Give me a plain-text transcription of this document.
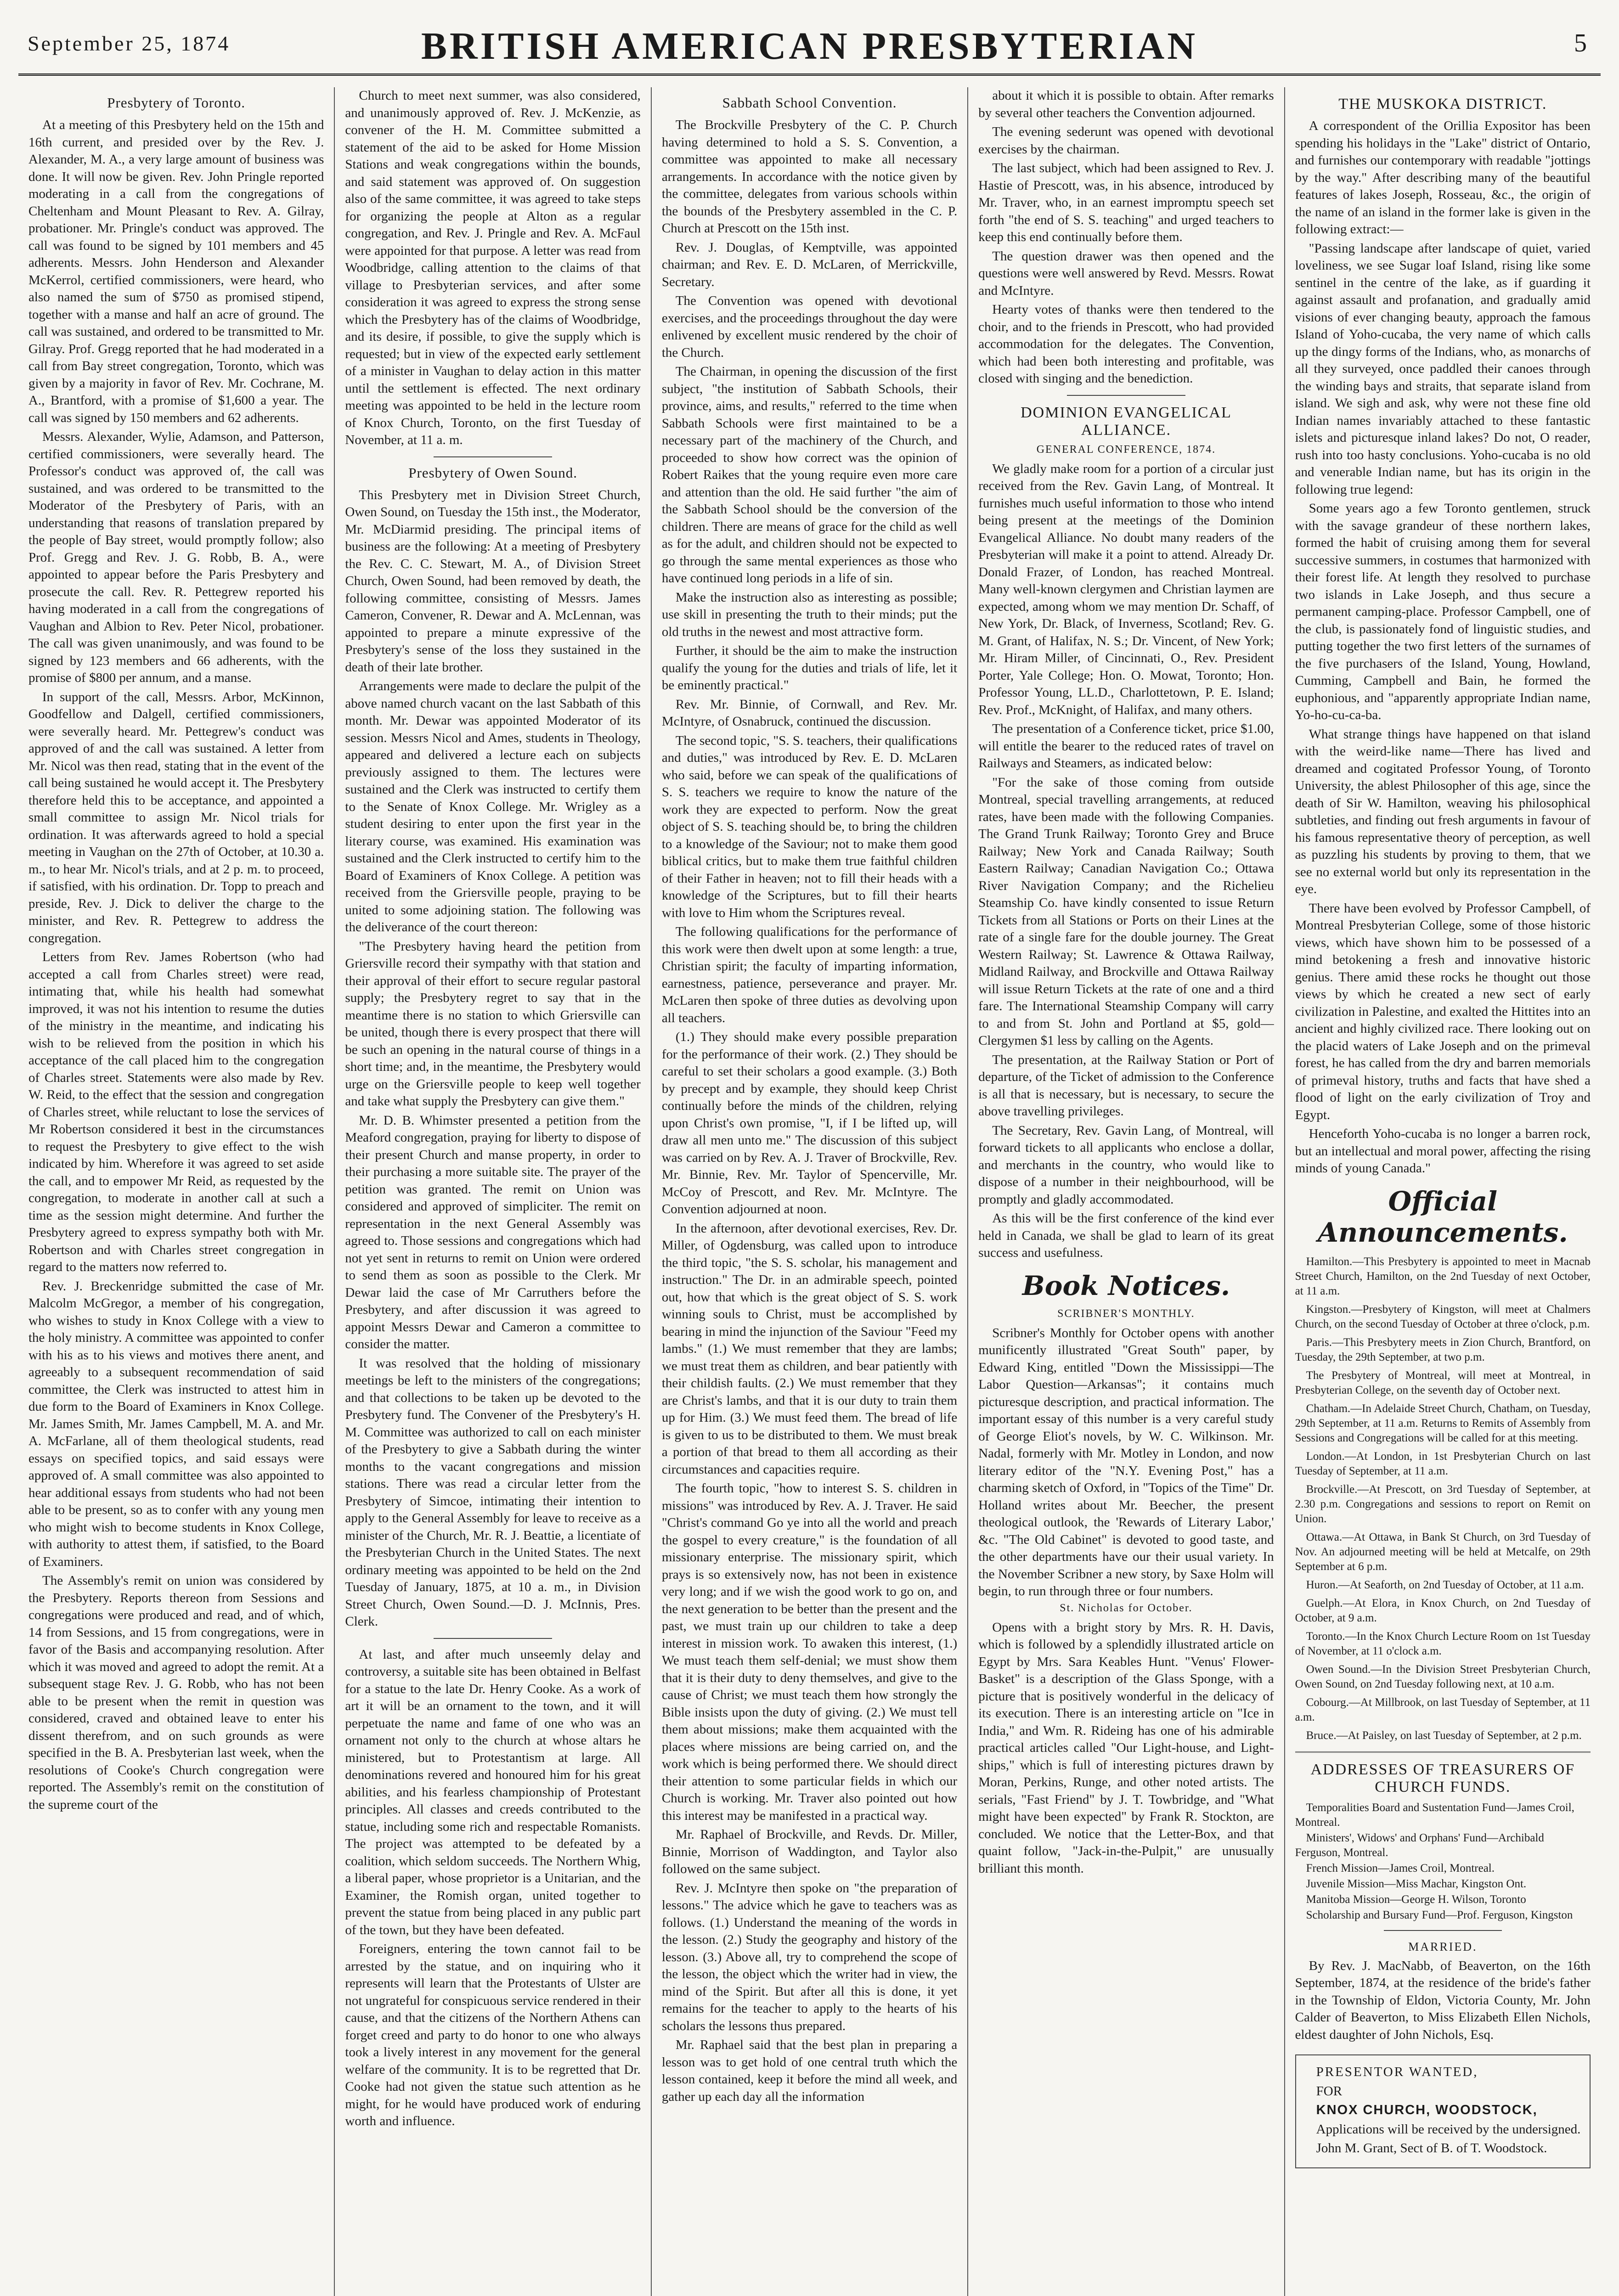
September 25, 1874	BRITISH AMERICAN PRESBYTERIAN	5
Presbytery of Toronto.

At a meeting of this Presbytery held on the 15th and 16th current, and presided over by the Rev. J. Alexander, M. A., a very large amount of business was done. It will now be given. Rev. John Pringle reported moderating in a call from the congregations of Cheltenham and Mount Pleasant to Rev. A. Gilray, probationer. Mr. Pringle's conduct was approved. The call was found to be signed by 101 members and 45 adherents. Messrs. John Henderson and Alexander McKerrol, certified commissioners, were heard, who also named the sum of $750 as promised stipend, together with a manse and half an acre of ground. The call was sustained, and ordered to be transmitted to Mr. Gilray. Prof. Gregg reported that he had moderated in a call from Bay street congregation, Toronto, which was given by a majority in favor of Rev. Mr. Cochrane, M. A., Brantford, with a promise of $1,600 a year. The call was signed by 150 members and 62 adherents.

Messrs. Alexander, Wylie, Adamson, and Patterson, certified commissioners, were severally heard. The Professor's conduct was approved of, the call was sustained, and was ordered to be transmitted to the Moderator of the Presbytery of Paris, with an understanding that reasons of translation prepared by the people of Bay street, would promptly follow; also Prof. Gregg and Rev. J. G. Robb, B. A., were appointed to appear before the Paris Presbytery and prosecute the call. Rev. R. Pettegrew reported his having moderated in a call from the congregations of Vaughan and Albion to Rev. Peter Nicol, probationer. The call was given unanimously, and was found to be signed by 123 members and 66 adherents, with the promise of $800 per annum, and a manse.

In support of the call, Messrs. Arbor, McKinnon, Goodfellow and Dalgell, certified commissioners, were severally heard. Mr. Pettegrew's conduct was approved of and the call was sustained. A letter from Mr. Nicol was then read, stating that in the event of the call being sustained he would accept it. The Presbytery therefore held this to be acceptance, and appointed a small committee to assign Mr. Nicol trials for ordination. It was afterwards agreed to hold a special meeting in Vaughan on the 27th of October, at 10.30 a. m., to hear Mr. Nicol's trials, and at 2 p. m. to proceed, if satisfied, with his ordination. Dr. Topp to preach and preside, Rev. J. Dick to deliver the charge to the minister, and Rev. R. Pettegrew to address the congregation.

Letters from Rev. James Robertson (who had accepted a call from Charles street) were read, intimating that, while his health had somewhat improved, it was not his intention to resume the duties of the ministry in the meantime, and indicating his wish to be relieved from the position in which his acceptance of the call placed him to the congregation of Charles street. Statements were also made by Rev. W. Reid, to the effect that the session and congregation of Charles street, while reluctant to lose the services of Mr Robertson considered it best in the circumstances to request the Presbytery to give effect to the wish indicated by him. Wherefore it was agreed to set aside the call, and to empower Mr Reid, as requested by the congregation, to moderate in another call at such a time as the session might determine. And further the Presbytery agreed to express sympathy both with Mr. Robertson and with Charles street congregation in regard to the matters now referred to.

Rev. J. Breckenridge submitted the case of Mr. Malcolm McGregor, a member of his congregation, who wishes to study in Knox College with a view to the holy ministry. A committee was appointed to confer with his as to his views and motives there anent, and agreeably to a subsequent recommendation of said committee, the Clerk was instructed to attest him in due form to the Board of Examiners in Knox College. Mr. James Smith, Mr. James Campbell, M. A. and Mr. A. McFarlane, all of them theological students, read essays on specified topics, and said essays were approved of. A small committee was also appointed to hear additional essays from students who had not been able to be present, so as to confer with any young men who might wish to become students in Knox College, with authority to attest them, if satisfied, to the Board of Examiners.

The Assembly's remit on union was considered by the Presbytery. Reports thereon from Sessions and congregations were produced and read, and of which, 14 from Sessions, and 15 from congregations, were in favor of the Basis and accompanying resolution. After which it was moved and agreed to adopt the remit. At a subsequent stage Rev. J. G. Robb, who has not been able to be present when the remit in question was considered, craved and obtained leave to enter his dissent therefrom, and on such grounds as were specified in the B. A. Presbyterian last week, when the resolutions of Cooke's Church congregation were reported. The Assembly's remit on the constitution of the supreme court of the

Church to meet next summer, was also considered, and unanimously approved of. Rev. J. McKenzie, as convener of the H. M. Committee submitted a statement of the aid to be asked for Home Mission Stations and weak congregations within the bounds, and said statement was approved of. On suggestion also of the same committee, it was agreed to take steps for organizing the people at Alton as a regular congregation, and Rev. J. Pringle and Rev. A. McFaul were appointed for that purpose. A letter was read from Woodbridge, calling attention to the claims of that village to Presbyterian services, and after some consideration it was agreed to express the strong sense which the Presbytery has of the claims of Woodbridge, and its desire, if possible, to give the supply which is requested; but in view of the expected early settlement of a minister in Vaughan to delay action in this matter until the settlement is effected. The next ordinary meeting was appointed to be held in the lecture room of Knox Church, Toronto, on the first Tuesday of November, at 11 a. m.

Presbytery of Owen Sound.

This Presbytery met in Division Street Church, Owen Sound, on Tuesday the 15th inst., the Moderator, Mr. McDiarmid presiding. The principal items of business are the following: At a meeting of Presbytery the Rev. C. C. Stewart, M. A., of Division Street Church, Owen Sound, had been removed by death, the following committee, consisting of Messrs. James Cameron, Convener, R. Dewar and A. McLennan, was appointed to prepare a minute expressive of the Presbytery's sense of the loss they sustained in the death of their late brother.

Arrangements were made to declare the pulpit of the above named church vacant on the last Sabbath of this month. Mr. Dewar was appointed Moderator of its session. Messrs Nicol and Ames, students in Theology, appeared and delivered a lecture each on subjects previously assigned to them. The lectures were sustained and the Clerk was instructed to certify them to the Senate of Knox College. Mr. Wrigley as a student desiring to enter upon the first year in the literary course, was examined. His examination was sustained and the Clerk instructed to certify him to the Board of Examiners of Knox College. A petition was received from the Griersville people, praying to be united to some adjoining station. The following was the deliverance of the court thereon:

"The Presbytery having heard the petition from Griersville record their sympathy with that station and their approval of their effort to secure regular pastoral supply; the Presbytery regret to say that in the meantime there is no station to which Griersville can be united, though there is every prospect that there will be such an opening in the natural course of things in a short time; and, in the meantime, the Presbytery would urge on the Griersville people to keep well together and take what supply the Presbytery can give them."

Mr. D. B. Whimster presented a petition from the Meaford congregation, praying for liberty to dispose of their present Church and manse property, in order to their purchasing a more suitable site. The prayer of the petition was granted. The remit on Union was considered and approved of simpliciter. The remit on representation in the next General Assembly was agreed to. Those sessions and congregations which had not yet sent in returns to remit on Union were ordered to send them as soon as possible to the Clerk. Mr Dewar laid the case of Mr Carruthers before the Presbytery, and after discussion it was agreed to appoint Messrs Dewar and Cameron a committee to consider the matter.

It was resolved that the holding of missionary meetings be left to the ministers of the congregations; and that collections to be taken up be devoted to the Presbytery fund. The Convener of the Presbytery's H. M. Committee was authorized to call on each minister of the Presbytery to give a Sabbath during the winter months to the vacant congregations and mission stations. There was read a circular letter from the Presbytery of Simcoe, intimating their intention to apply to the General Assembly for leave to receive as a minister of the Church, Mr. R. J. Beattie, a licentiate of the Presbyterian Church in the United States. The next ordinary meeting was appointed to be held on the 2nd Tuesday of January, 1875, at 10 a. m., in Division Street Church, Owen Sound.—D. J. McInnis, Pres. Clerk.

At last, and after much unseemly delay and controversy, a suitable site has been obtained in Belfast for a statue to the late Dr. Henry Cooke. As a work of art it will be an ornament to the town, and it will perpetuate the name and fame of one who was an ornament not only to the church at whose altars he ministered, but to Protestantism at large. All denominations revered and honoured him for his great abilities, and his fearless championship of Protestant principles. All classes and creeds contributed to the statue, including some rich and respectable Romanists. The project was attempted to be defeated by a coalition, which seldom succeeds. The Northern Whig, a liberal paper, whose proprietor is a Unitarian, and the Examiner, the Romish organ, united together to prevent the statue from being placed in any public part of the town, but they have been defeated.

Foreigners, entering the town cannot fail to be arrested by the statue, and on inquiring who it represents will learn that the Protestants of Ulster are not ungrateful for conspicuous service rendered in their cause, and that the citizens of the Northern Athens can forget creed and party to do honor to one who always took a lively interest in any movement for the general welfare of the community. It is to be regretted that Dr. Cooke had not given the statue such attention as he might, for he would have produced work of enduring worth and influence.

Sabbath School Convention.

The Brockville Presbytery of the C. P. Church having determined to hold a S. S. Convention, a committee was appointed to make all necessary arrangements. In accordance with the notice given by the committee, delegates from various schools within the bounds of the Presbytery assembled in the C. P. Church at Prescott on the 15th inst.

Rev. J. Douglas, of Kemptville, was appointed chairman; and Rev. E. D. McLaren, of Merrickville, Secretary.

The Convention was opened with devotional exercises, and the proceedings throughout the day were enlivened by excellent music rendered by the choir of the Church.

The Chairman, in opening the discussion of the first subject, "the institution of Sabbath Schools, their province, aims, and results," referred to the time when Sabbath Schools were first maintained to be a necessary part of the machinery of the Church, and proceeded to show how correct was the opinion of Robert Raikes that the young require even more care and attention than the old. He said further "the aim of the Sabbath School should be the conversion of the children. There are means of grace for the child as well as for the adult, and children should not be expected to go through the same mental experiences as those who have continued long periods in a life of sin.

Make the instruction also as interesting as possible; use skill in presenting the truth to their minds; put the old truths in the newest and most attractive form.

Further, it should be the aim to make the instruction qualify the young for the duties and trials of life, let it be eminently practical."

Rev. Mr. Binnie, of Cornwall, and Rev. Mr. McIntyre, of Osnabruck, continued the discussion.

The second topic, "S. S. teachers, their qualifications and duties," was introduced by Rev. E. D. McLaren who said, before we can speak of the qualifications of S. S. teachers we require to know the nature of the work they are expected to perform. Now the great object of S. S. teaching should be, to bring the children to a knowledge of the Saviour; not to make them good biblical critics, but to make them true faithful children of their Father in heaven; not to fill their heads with a knowledge of the Scriptures, but to fill their hearts with love to Him whom the Scriptures reveal.

The following qualifications for the performance of this work were then dwelt upon at some length: a true, Christian spirit; the faculty of imparting information, earnestness, patience, perseverance and prayer. Mr. McLaren then spoke of three duties as devolving upon all teachers.

(1.) They should make every possible preparation for the performance of their work. (2.) They should be careful to set their scholars a good example. (3.) Both by precept and by example, they should keep Christ continually before the minds of the children, relying upon Christ's own promise, "I, if I be lifted up, will draw all men unto me." The discussion of this subject was carried on by Rev. A. J. Traver of Brockville, Rev. Mr. Binnie, Rev. Mr. Taylor of Spencerville, Mr. McCoy of Prescott, and Rev. Mr. McIntyre. The Convention adjourned at noon.

In the afternoon, after devotional exercises, Rev. Dr. Miller, of Ogdensburg, was called upon to introduce the third topic, "the S. S. scholar, his management and instruction." The Dr. in an admirable speech, pointed out, how that which is the great object of S. S. work winning souls to Christ, must be accomplished by bearing in mind the injunction of the Saviour "Feed my lambs." (1.) We must remember that they are lambs; we must treat them as children, and bear patiently with their childish faults. (2.) We must remember that they are Christ's lambs, and that it is our duty to train them up for Him. (3.) We must feed them. The bread of life is given to us to be distributed to them. We must break a portion of that bread to them all according as their circumstances and capacities require.

The fourth topic, "how to interest S. S. children in missions" was introduced by Rev. A. J. Traver. He said "Christ's command Go ye into all the world and preach the gospel to every creature," is the foundation of all missionary enterprise. The missionary spirit, which prays is so extensively now, has not been in existence very long; and if we wish the good work to go on, and the next generation to be better than the present and the past, we must train up our children to take a deep interest in mission work. To awaken this interest, (1.) We must teach them self-denial; we must show them that it is their duty to deny themselves, and give to the cause of Christ; we must teach them how strongly the Bible insists upon the duty of giving. (2.) We must tell them about missions; make them acquainted with the places where missions are being carried on, and the work which is being performed there. We should direct their attention to some particular fields in which our Church is working. Mr. Traver also pointed out how this interest may be manifested in a practical way.

Mr. Raphael of Brockville, and Revds. Dr. Miller, Binnie, Morrison of Waddington, and Taylor also followed on the same subject.

Rev. J. McIntyre then spoke on "the preparation of lessons." The advice which he gave to teachers was as follows. (1.) Understand the meaning of the words in the lesson. (2.) Study the geography and history of the lesson. (3.) Above all, try to comprehend the scope of the lesson, the object which the writer had in view, the mind of the Spirit. But after all this is done, it yet remains for the teacher to apply to the hearts of his scholars the lessons thus prepared.

Mr. Raphael said that the best plan in preparing a lesson was to get hold of one central truth which the lesson contained, keep it before the mind all week, and gather up each day all the information

about it which it is possible to obtain. After remarks by several other teachers the Convention adjourned.

The evening sederunt was opened with devotional exercises by the chairman.

The last subject, which had been assigned to Rev. J. Hastie of Prescott, was, in his absence, introduced by Mr. Traver, who, in an earnest impromptu speech set forth "the end of S. S. teaching" and urged teachers to keep this end continually before them.

The question drawer was then opened and the questions were well answered by Revd. Messrs. Rowat and McIntyre.

Hearty votes of thanks were then tendered to the choir, and to the friends in Prescott, who had provided accommodation for the delegates. The Convention, which had been both interesting and profitable, was closed with singing and the benediction.

DOMINION EVANGELICAL ALLIANCE.
GENERAL CONFERENCE, 1874.

We gladly make room for a portion of a circular just received from the Rev. Gavin Lang, of Montreal. It furnishes much useful information to those who intend being present at the meetings of the Dominion Evangelical Alliance. No doubt many readers of the Presbyterian will make it a point to attend. Already Dr. Donald Frazer, of London, has reached Montreal. Many well-known clergymen and Christian laymen are expected, among whom we may mention Dr. Schaff, of New York, Dr. Black, of Inverness, Scotland; Rev. G. M. Grant, of Halifax, N. S.; Dr. Vincent, of New York; Mr. Hiram Miller, of Cincinnati, O., Rev. President Porter, Yale College; Hon. O. Mowat, Toronto; Hon. Professor Young, LL.D., Charlottetown, P. E. Island; Rev. Prof., McKnight, of Halifax, and many others.

The presentation of a Conference ticket, price $1.00, will entitle the bearer to the reduced rates of travel on Railways and Steamers, as indicated below:

"For the sake of those coming from outside Montreal, special travelling arrangements, at reduced rates, have been made with the following Companies. The Grand Trunk Railway; Toronto Grey and Bruce Railway; New York and Canada Railway; South Eastern Railway; Canadian Navigation Co.; Ottawa River Navigation Company; and the Richelieu Steamship Co. have kindly consented to issue Return Tickets from all Stations or Ports on their Lines at the rate of a single fare for the double journey. The Great Western Railway; St. Lawrence & Ottawa Railway, Midland Railway, and Brockville and Ottawa Railway will issue Return Tickets at the rate of one and a third fare. The International Steamship Company will carry to and from St. John and Portland at $5, gold—Clergymen $1 less by calling on the Agents.

The presentation, at the Railway Station or Port of departure, of the Ticket of admission to the Conference is all that is necessary, but is necessary, to secure the above travelling privileges.

The Secretary, Rev. Gavin Lang, of Montreal, will forward tickets to all applicants who enclose a dollar, and merchants in the country, who would like to dispose of a number in their neighbourhood, will be promptly and gladly accommodated.

As this will be the first conference of the kind ever held in Canada, we shall be glad to learn of its great success and usefulness.

Book Notices.
SCRIBNER'S MONTHLY.

Scribner's Monthly for October opens with another munificently illustrated "Great South" paper, by Edward King, entitled "Down the Mississippi—The Labor Question—Arkansas"; it contains much picturesque description, and practical information. The important essay of this number is a very careful study of George Eliot's novels, by W. C. Wilkinson. Mr. Nadal, formerly with Mr. Motley in London, and now literary editor of the "N.Y. Evening Post," has a charming sketch of Oxford, in "Topics of the Time" Dr. Holland writes about Mr. Beecher, the present theological outlook, the 'Rewards of Literary Labor,' &c. "The Old Cabinet" is devoted to good taste, and the other departments have our their usual variety. In the November Scribner a new story, by Saxe Holm will begin, to run through three or four numbers.

St. Nicholas for October.

Opens with a bright story by Mrs. R. H. Davis, which is followed by a splendidly illustrated article on Egypt by Mrs. Sara Keables Hunt. "Venus' Flower-Basket" is a description of the Glass Sponge, with a picture that is positively wonderful in the delicacy of its execution. There is an interesting article on "Ice in India," and Wm. R. Rideing has one of his admirable practical articles called "Our Light-house, and Light-ships," which is full of interesting pictures drawn by Moran, Perkins, Runge, and other noted artists. The serials, "Fast Friend" by J. T. Towbridge, and "What might have been expected" by Frank R. Stockton, are concluded. We notice that the Letter-Box, and that quaint follow, "Jack-in-the-Pulpit," are unusually brilliant this month.

THE MUSKOKA DISTRICT.

A correspondent of the Orillia Expositor has been spending his holidays in the "Lake" district of Ontario, and furnishes our contemporary with readable "jottings by the way." After describing many of the beautiful features of lakes Joseph, Rosseau, &c., the origin of the name of an island in the former lake is given in the following extract:—

"Passing landscape after landscape of quiet, varied loveliness, we see Sugar loaf Island, rising like some sentinel in the centre of the lake, as if guarding it against assault and profanation, and gradually amid visions of ever changing beauty, approach the famous Island of Yoho-cucaba, the very name of which calls up the dingy forms of the Indians, who, as monarchs of all they surveyed, once paddled their canoes through the winding bays and straits, that separate island from island. We sigh and ask, why were not these fine old Indian names invariably attached to these fantastic islets and picturesque inland lakes? Do not, O reader, rush into too hasty conclusions. Yoho-cucaba is no old and venerable Indian name, but has its origin in the following true legend:

Some years ago a few Toronto gentlemen, struck with the savage grandeur of these northern lakes, formed the habit of cruising among them for several successive summers, in costumes that harmonized with their forest life. At length they resolved to purchase two islands in Lake Joseph, and thus secure a permanent camping-place. Professor Campbell, one of the club, is passionately fond of linguistic studies, and putting together the two first letters of the surnames of the five purchasers of the Island, Young, Howland, Cumming, Campbell and Bain, he formed the euphonious, and "apparently appropriate Indian name, Yo-ho-cu-ca-ba.

What strange things have happened on that island with the weird-like name—There has lived and dreamed and cogitated Professor Young, of Toronto University, the ablest Philosopher of this age, since the death of Sir W. Hamilton, weaving his philosophical subtleties, and finding out fresh arguments in favour of his famous representative theory of perception, as well as puzzling his students by proving to them, that we see no external world but only its representation in the eye.

There have been evolved by Professor Campbell, of Montreal Presbyterian College, some of those historic views, which have shown him to be possessed of a mind betokening a fresh and innovative historic genius. There amid these rocks he thought out those views by which he created a new sect of early civilization in Palestine, and exalted the Hittites into an ancient and highly civilized race. There looking out on the placid waters of Lake Joseph and on the primeval forest, he has called from the dry and barren memorials of primeval history, truths and facts that have shed a flood of light on the early civilization of Troy and Egypt.

Henceforth Yoho-cucaba is no longer a barren rock, but an intellectual and moral power, affecting the rising minds of young Canada."

Official Announcements.
Hamilton.—This Presbytery is appointed to meet in Macnab Street Church, Hamilton, on the 2nd Tuesday of next October, at 11 a.m.
Kingston.—Presbytery of Kingston, will meet at Chalmers Church, on the second Tuesday of October at three o'clock, p.m.
Paris.—This Presbytery meets in Zion Church, Brantford, on Tuesday, the 29th September, at two p.m.
The Presbytery of Montreal, will meet at Montreal, in Presbyterian College, on the seventh day of October next.
Chatham.—In Adelaide Street Church, Chatham, on Tuesday, 29th September, at 11 a.m. Returns to Remits of Assembly from Sessions and Congregations will be called for at this meeting.
London.—At London, in 1st Presbyterian Church on last Tuesday of September, at 11 a.m.
Brockville.—At Prescott, on 3rd Tuesday of September, at 2.30 p.m. Congregations and sessions to report on Remit on Union.
Ottawa.—At Ottawa, in Bank St Church, on 3rd Tuesday of Nov. An adjourned meeting will be held at Metcalfe, on 29th September at 6 p.m.
Huron.—At Seaforth, on 2nd Tuesday of October, at 11 a.m.
Guelph.—At Elora, in Knox Church, on 2nd Tuesday of October, at 9 a.m.
Toronto.—In the Knox Church Lecture Room on 1st Tuesday of November, at 11 o'clock a.m.
Owen Sound.—In the Division Street Presbyterian Church, Owen Sound, on 2nd Tuesday following next, at 10 a.m.
Cobourg.—At Millbrook, on last Tuesday of September, at 11 a.m.
Bruce.—At Paisley, on last Tuesday of September, at 2 p.m.
ADDRESSES OF TREASURERS OF CHURCH FUNDS.
Temporalities Board and Sustentation Fund—James Croil, Montreal.
Ministers', Widows' and Orphans' Fund—Archibald Ferguson, Montreal.
French Mission—James Croil, Montreal.
Juvenile Mission—Miss Machar, Kingston Ont.
Manitoba Mission—George H. Wilson, Toronto
Scholarship and Bursary Fund—Prof. Ferguson, Kingston
MARRIED.

By Rev. J. MacNabb, of Beaverton, on the 16th September, 1874, at the residence of the bride's father in the Township of Eldon, Victoria County, Mr. John Calder of Beaverton, to Miss Elizabeth Ellen Nichols, eldest daughter of John Nichols, Esq.

PRESENTOR WANTED,

FOR

KNOX CHURCH, WOODSTOCK,

Applications will be received by the undersigned.

John M. Grant, Sect of B. of T. Woodstock.
